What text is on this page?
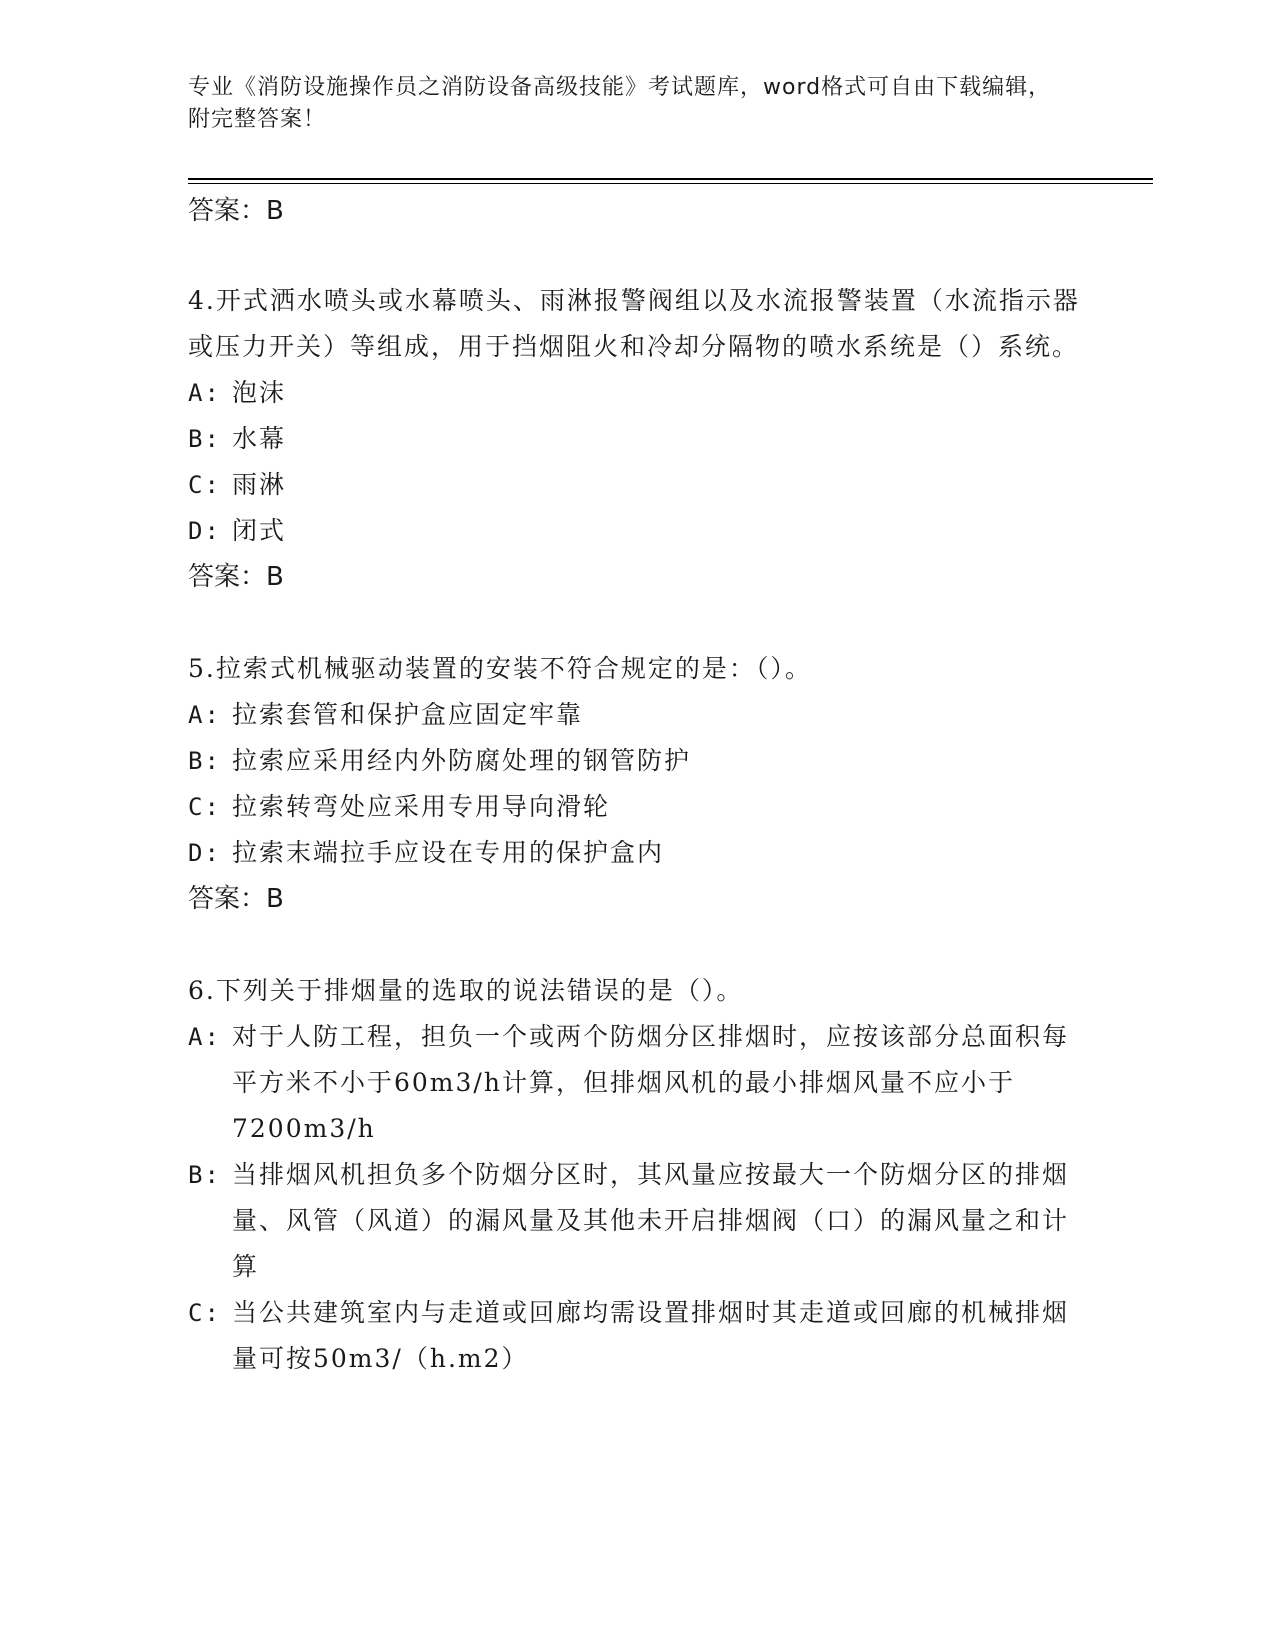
专业《消防设施操作员之消防设备高级技能》考试题库，word格式可自由下载编辑，附完整答案！
答案：B
4.开式洒水喷头或水幕喷头、雨淋报警阀组以及水流报警装置（水流指示器或压力开关）等组成，用于挡烟阻火和冷却分隔物的喷水系统是（）系统。
A: 泡沫
B: 水幕
C: 雨淋
D: 闭式
答案：B
5.拉索式机械驱动装置的安装不符合规定的是：（）。
A: 拉索套管和保护盒应固定牢靠
B: 拉索应采用经内外防腐处理的钢管防护
C: 拉索转弯处应采用专用导向滑轮
D: 拉索末端拉手应设在专用的保护盒内
答案：B
6.下列关于排烟量的选取的说法错误的是（）。
A: 对于人防工程，担负一个或两个防烟分区排烟时，应按该部分总面积每平方米不小于60m3/h计算，但排烟风机的最小排烟风量不应小于7200m3/h
B: 当排烟风机担负多个防烟分区时，其风量应按最大一个防烟分区的排烟量、风管（风道）的漏风量及其他未开启排烟阀（口）的漏风量之和计算
C: 当公共建筑室内与走道或回廊均需设置排烟时其走道或回廊的机械排烟量可按50m3/（h.m2）
